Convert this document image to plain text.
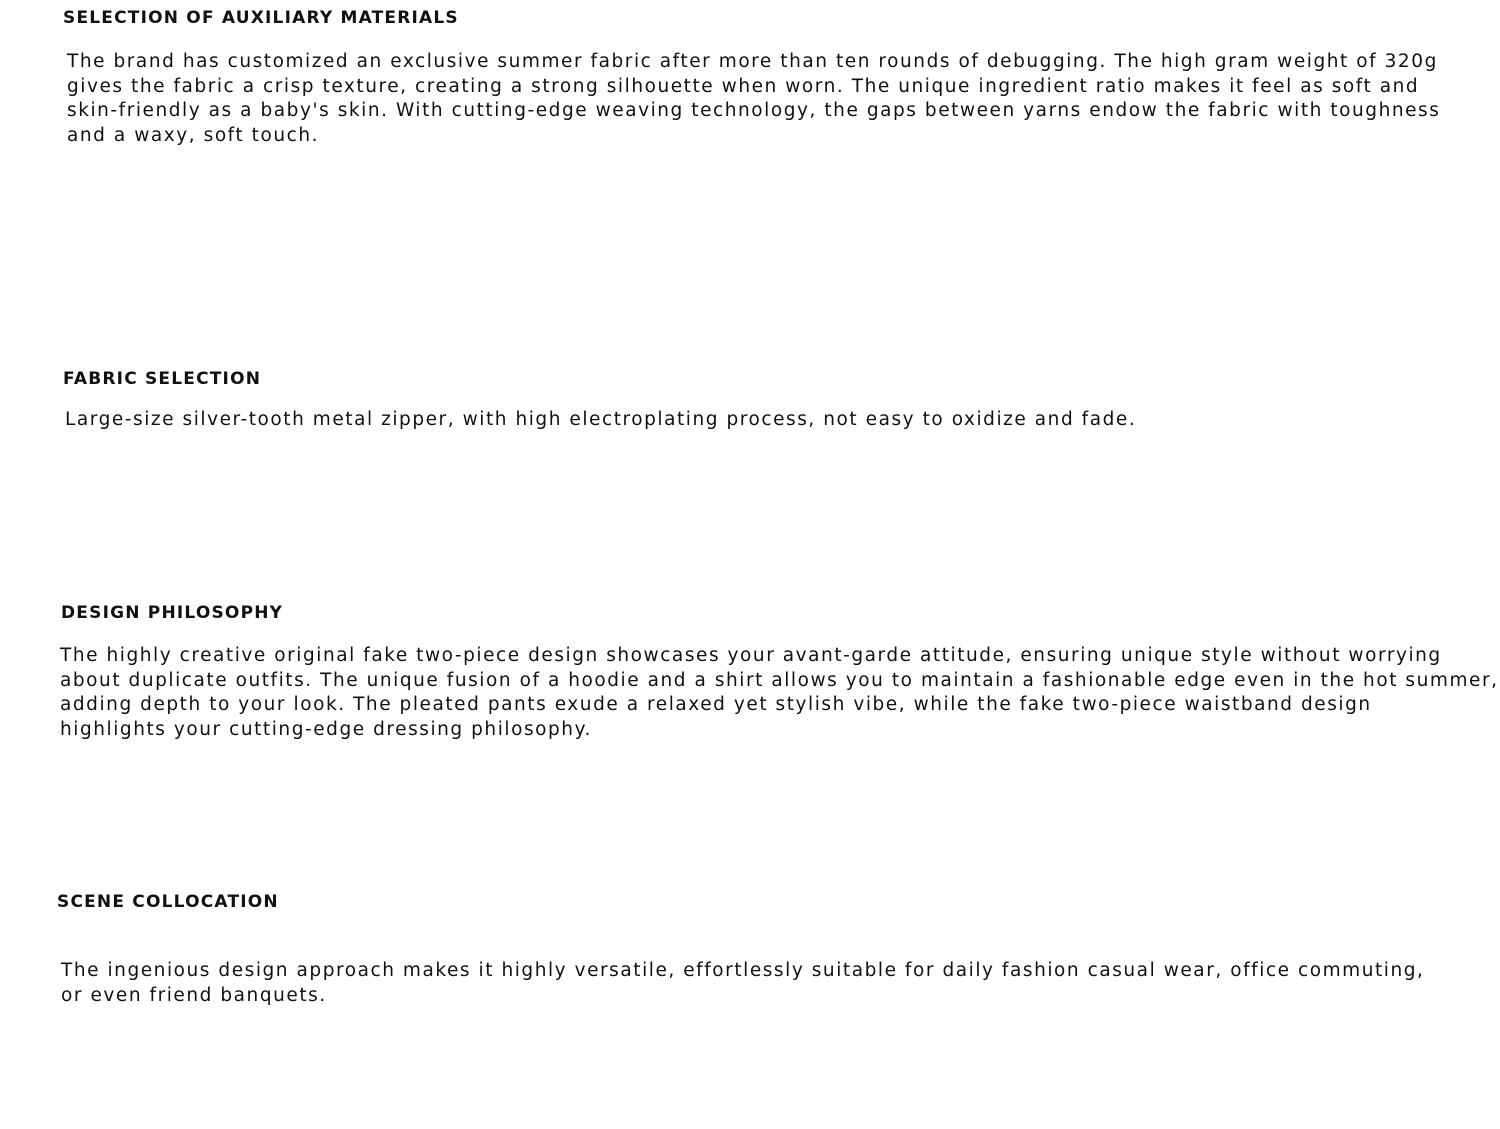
SELECTION OF AUXILIARY MATERIALS
The brand has customized an exclusive summer fabric after more than ten rounds of debugging. The high gram weight of 320g
gives the fabric a crisp texture, creating a strong silhouette when worn. The unique ingredient ratio makes it feel as soft and
skin-friendly as a baby's skin. With cutting-edge weaving technology, the gaps between yarns endow the fabric with toughness
and a waxy, soft touch.
FABRIC SELECTION
Large-size silver-tooth metal zipper, with high electroplating process, not easy to oxidize and fade.
DESIGN PHILOSOPHY
The highly creative original fake two-piece design showcases your avant-garde attitude, ensuring unique style without worrying
about duplicate outfits. The unique fusion of a hoodie and a shirt allows you to maintain a fashionable edge even in the hot summer,
adding depth to your look. The pleated pants exude a relaxed yet stylish vibe, while the fake two-piece waistband design
highlights your cutting-edge dressing philosophy.
SCENE COLLOCATION
The ingenious design approach makes it highly versatile, effortlessly suitable for daily fashion casual wear, office commuting,
or even friend banquets.
